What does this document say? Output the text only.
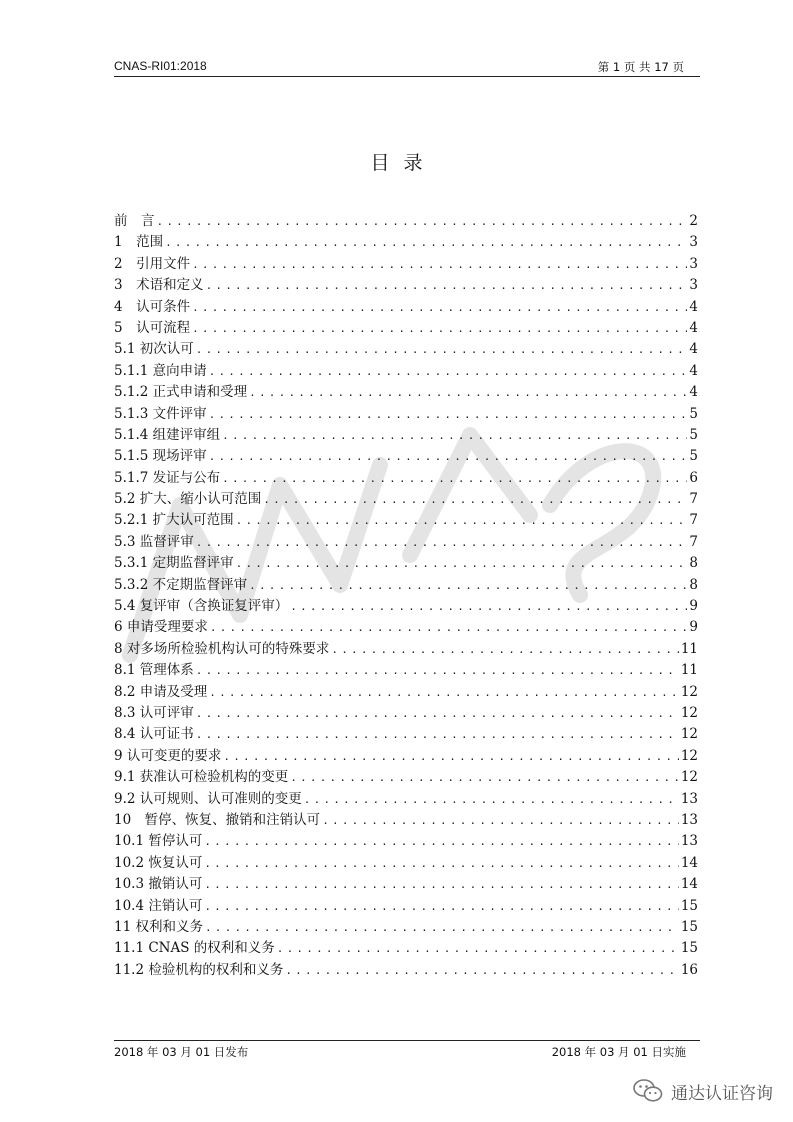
CNAS-RI01:2018	第 1 页 共 17 页
目录
前　言 .....	2
1　范围 .....	3
2　引用文件 .....	3
3　术语和定义 .....	3
4　认可条件 .....	4
5　认可流程 .....	4
5.1 初次认可 .....	4
5.1.1 意向申请 .....	4
5.1.2 正式申请和受理 .....	4
5.1.3 文件评审 .....	5
5.1.4 组建评审组 .....	5
5.1.5 现场评审 .....	5
5.1.7 发证与公布 .....	6
5.2 扩大、缩小认可范围 .....	7
5.2.1 扩大认可范围 .....	7
5.3 监督评审 .....	7
5.3.1 定期监督评审 .....	8
5.3.2 不定期监督评审 .....	8
5.4 复评审（含换证复评审） .....	9
6 申请受理要求 .....	9
8 对多场所检验机构认可的特殊要求 .....	11
8.1 管理体系 .....	11
8.2 申请及受理 .....	12
8.3 认可评审 .....	12
8.4 认可证书 .....	12
9 认可变更的要求 .....	12
9.1 获准认可检验机构的变更 .....	12
9.2 认可规则、认可准则的变更 .....	13
10　暂停、恢复、撤销和注销认可 .....	13
10.1 暂停认可 .....	13
10.2 恢复认可 .....	14
10.3 撤销认可 .....	14
10.4 注销认可 .....	15
11 权利和义务 .....	15
11.1 CNAS 的权利和义务 .....	15
11.2 检验机构的权利和义务 .....	16
2018 年 03 月 01 日发布	2018 年 03 月 01 日实施
通达认证咨询
